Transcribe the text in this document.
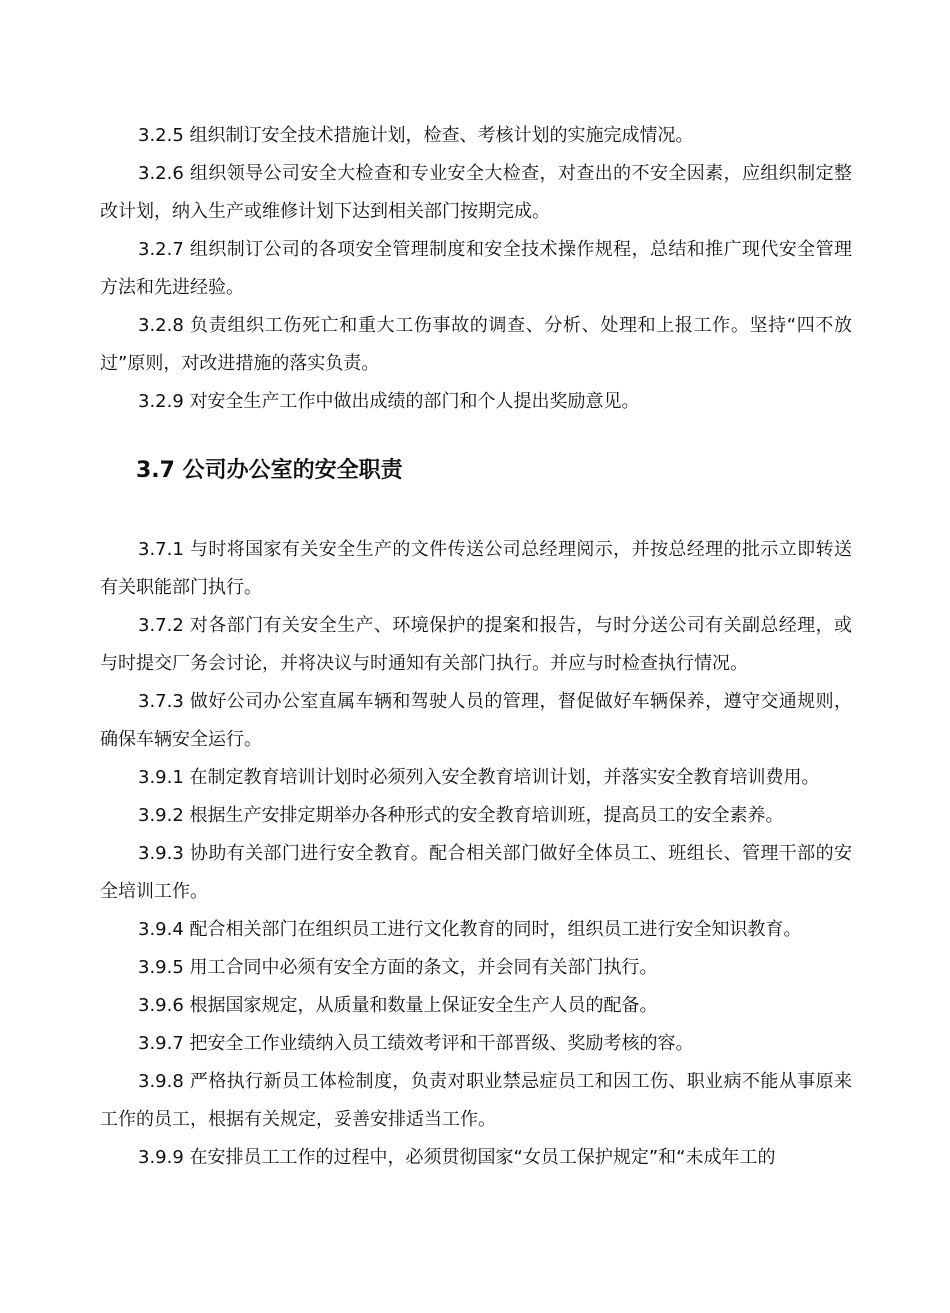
3.2.5 组织制订安全技术措施计划，检查、考核计划的实施完成情况。

3.2.6 组织领导公司安全大检查和专业安全大检查，对查出的不安全因素，应组织制定整改计划，纳入生产或维修计划下达到相关部门按期完成。

3.2.7 组织制订公司的各项安全管理制度和安全技术操作规程，总结和推广现代安全管理方法和先进经验。

3.2.8 负责组织工伤死亡和重大工伤事故的调查、分析、处理和上报工作。坚持“四不放过”原则，对改进措施的落实负责。

3.2.9 对安全生产工作中做出成绩的部门和个人提出奖励意见。

3.7 公司办公室的安全职责

3.7.1 与时将国家有关安全生产的文件传送公司总经理阅示，并按总经理的批示立即转送有关职能部门执行。

3.7.2 对各部门有关安全生产、环境保护的提案和报告，与时分送公司有关副总经理，或与时提交厂务会讨论，并将决议与时通知有关部门执行。并应与时检查执行情况。

3.7.3 做好公司办公室直属车辆和驾驶人员的管理，督促做好车辆保养，遵守交通规则，确保车辆安全运行。

3.9.1 在制定教育培训计划时必须列入安全教育培训计划，并落实安全教育培训费用。

3.9.2 根据生产安排定期举办各种形式的安全教育培训班，提高员工的安全素养。

3.9.3 协助有关部门进行安全教育。配合相关部门做好全体员工、班组长、管理干部的安全培训工作。

3.9.4 配合相关部门在组织员工进行文化教育的同时，组织员工进行安全知识教育。

3.9.5 用工合同中必须有安全方面的条文，并会同有关部门执行。

3.9.6 根据国家规定，从质量和数量上保证安全生产人员的配备。

3.9.7 把安全工作业绩纳入员工绩效考评和干部晋级、奖励考核的容。

3.9.8 严格执行新员工体检制度，负责对职业禁忌症员工和因工伤、职业病不能从事原来工作的员工，根据有关规定，妥善安排适当工作。

3.9.9 在安排员工工作的过程中，必须贯彻国家“女员工保护规定”和“未成年工的
